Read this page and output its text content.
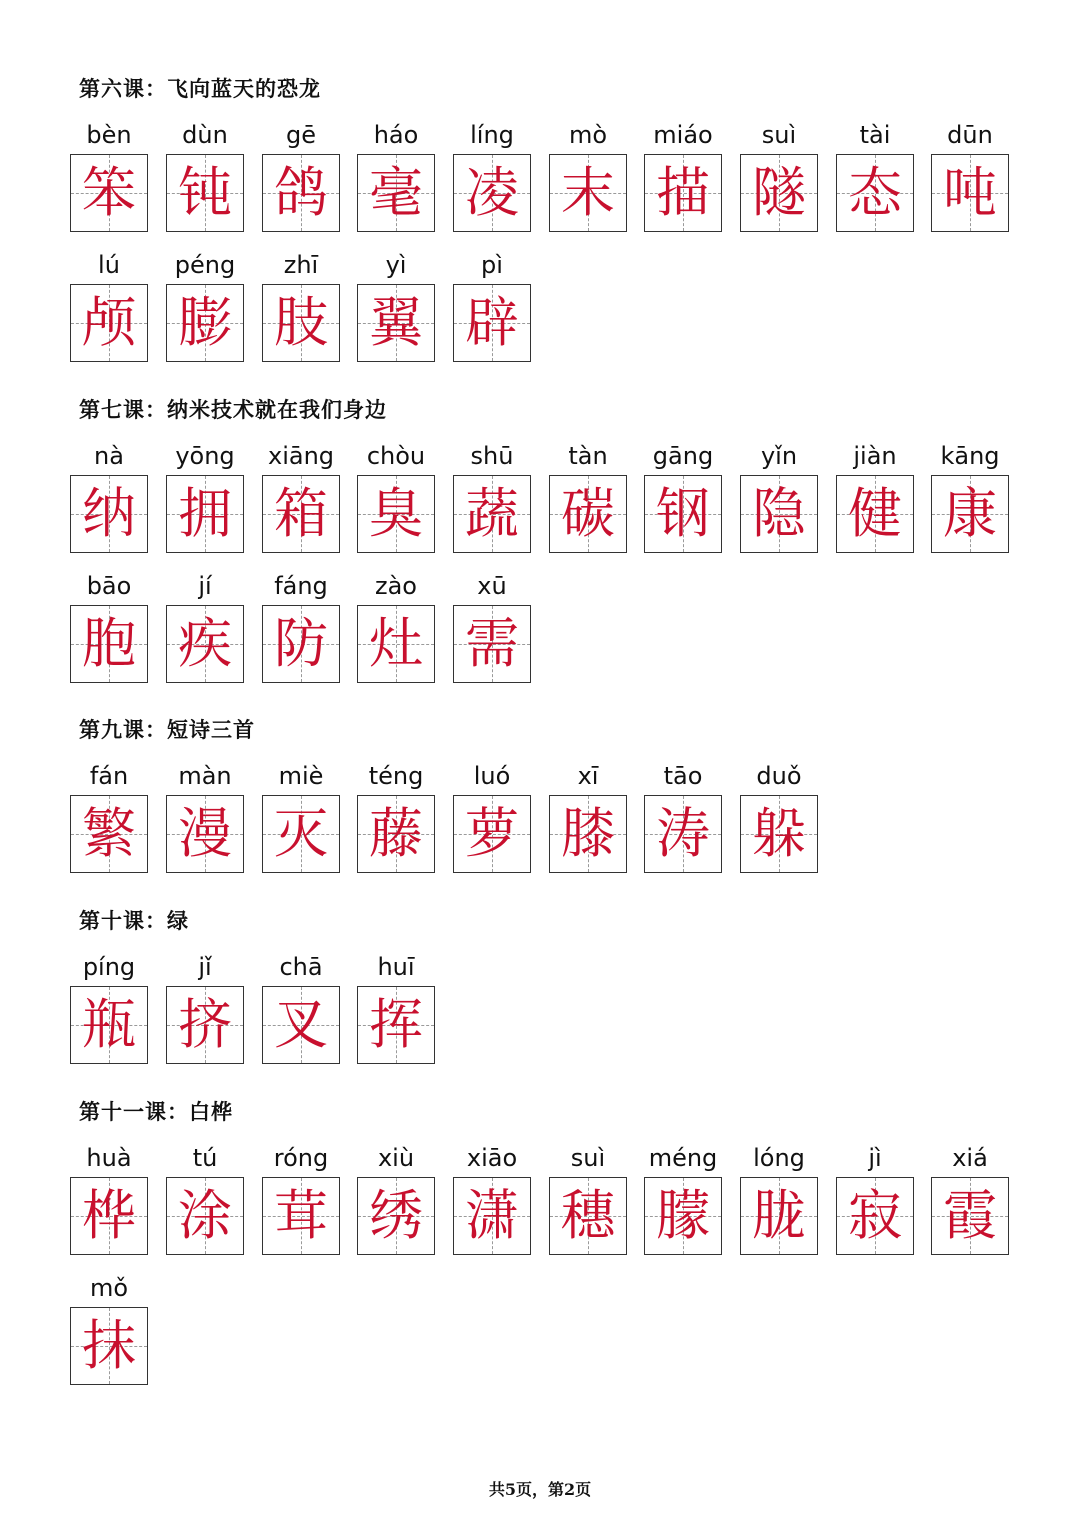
第六课：飞向蓝天的恐龙
bèn
笨
dùn
钝
gē
鸽
háo
毫
líng
凌
mò
末
miáo
描
suì
隧
tài
态
dūn
吨
lú
颅
péng
膨
zhī
肢
yì
翼
pì
辟
第七课：纳米技术就在我们身边
nà
纳
yōng
拥
xiāng
箱
chòu
臭
shū
蔬
tàn
碳
gāng
钢
yǐn
隐
jiàn
健
kāng
康
bāo
胞
jí
疾
fáng
防
zào
灶
xū
需
第九课：短诗三首
fán
繁
màn
漫
miè
灭
téng
藤
luó
萝
xī
膝
tāo
涛
duǒ
躲
第十课：绿
píng
瓶
jǐ
挤
chā
叉
huī
挥
第十一课：白桦
huà
桦
tú
涂
róng
茸
xiù
绣
xiāo
潇
suì
穗
méng
朦
lóng
胧
jì
寂
xiá
霞
mǒ
抹
共5页，第2页
